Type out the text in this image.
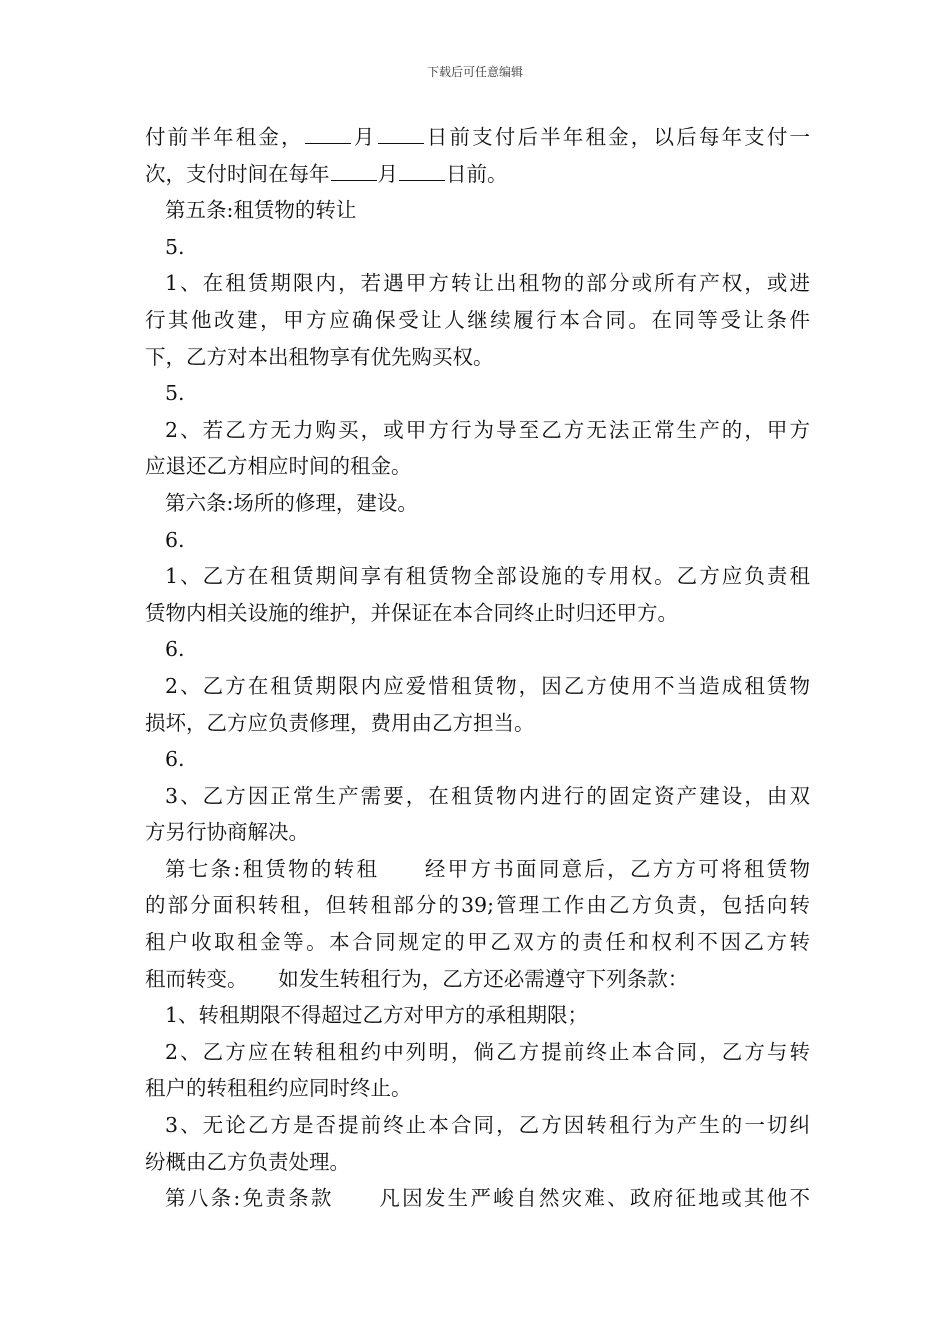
下载后可任意编辑
付前半年租金， 月 日前支付后半年租金，以后每年支付一
次，支付时间在每年 月 日前。
第五条:租赁物的转让
5.
1、在租赁期限内，若遇甲方转让出租物的部分或所有产权，或进
行其他改建，甲方应确保受让人继续履行本合同。在同等受让条件
下，乙方对本出租物享有优先购买权。
5.
2、若乙方无力购买，或甲方行为导至乙方无法正常生产的，甲方
应退还乙方相应时间的租金。
第六条:场所的修理，建设。
6.
1、乙方在租赁期间享有租赁物全部设施的专用权。乙方应负责租
赁物内相关设施的维护，并保证在本合同终止时归还甲方。
6.
2、乙方在租赁期限内应爱惜租赁物，因乙方使用不当造成租赁物
损坏，乙方应负责修理，费用由乙方担当。
6.
3、乙方因正常生产需要，在租赁物内进行的固定资产建设，由双
方另行协商解决。
第七条:租赁物的转租　　经甲方书面同意后，乙方方可将租赁物
的部分面积转租，但转租部分的39;管理工作由乙方负责，包括向转
租户收取租金等。本合同规定的甲乙双方的责任和权利不因乙方转
租而转变。　　如发生转租行为，乙方还必需遵守下列条款：
1、转租期限不得超过乙方对甲方的承租期限；
2、乙方应在转租租约中列明，倘乙方提前终止本合同，乙方与转
租户的转租租约应同时终止。
3、无论乙方是否提前终止本合同，乙方因转租行为产生的一切纠
纷概由乙方负责处理。
第八条:免责条款　　凡因发生严峻自然灾难、政府征地或其他不
